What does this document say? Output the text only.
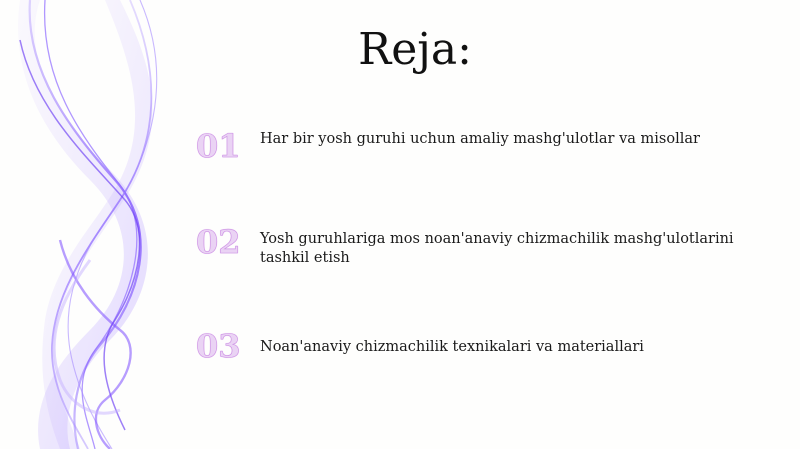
Reja:
01	Har bir yosh guruhi uchun amaliy mashg'ulotlar va misollar
02	Yosh guruhlariga mos noan'anaviy chizmachilik mashg'ulotlarini tashkil etish
03	Noan'anaviy chizmachilik texnikalari va materiallari
